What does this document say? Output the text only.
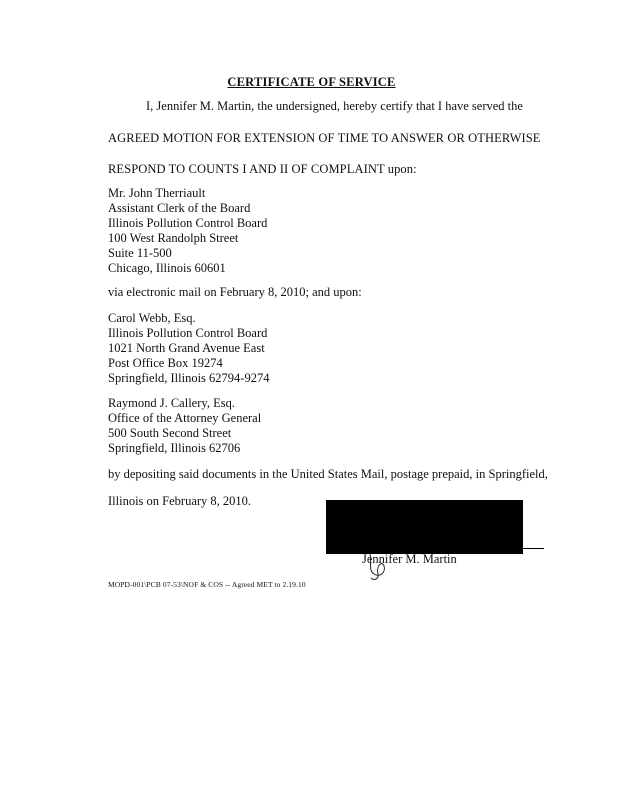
CERTIFICATE OF SERVICE
I, Jennifer M. Martin, the undersigned, hereby certify that I have served the
AGREED MOTION FOR EXTENSION OF TIME TO ANSWER OR OTHERWISE
RESPOND TO COUNTS I AND II OF COMPLAINT upon:
Mr. John Therriault
Assistant Clerk of the Board
Illinois Pollution Control Board
100 West Randolph Street
Suite 11-500
Chicago, Illinois 60601
via electronic mail on February 8, 2010; and upon:
Carol Webb, Esq.
Illinois Pollution Control Board
1021 North Grand Avenue East
Post Office Box 19274
Springfield, Illinois 62794-9274
Raymond J. Callery, Esq.
Office of the Attorney General
500 South Second Street
Springfield, Illinois 62706
by depositing said documents in the United States Mail, postage prepaid, in Springfield,
Illinois on February 8, 2010.
Jennifer M. Martin
MOPD-001\PCB 07-53\NOF & COS -- Agreed MET to 2.19.10
